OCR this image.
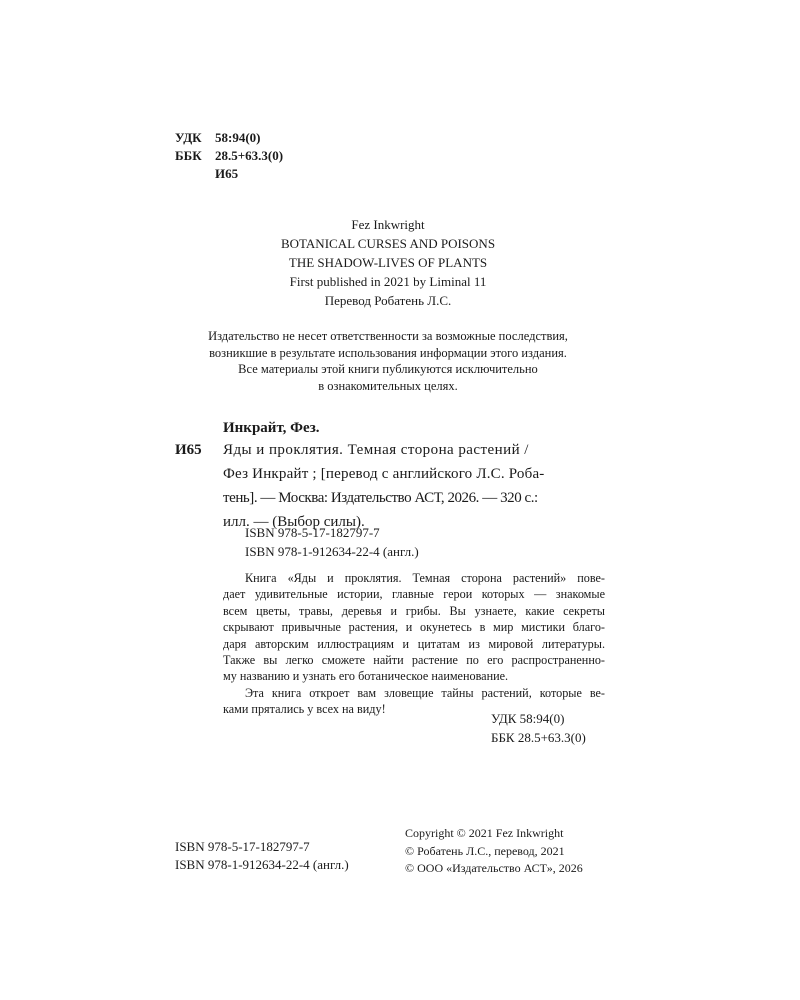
УДК	58:94(0)
ББК	28.5+63.3(0)
И65
Fez Inkwright
BOTANICAL CURSES AND POISONS
THE SHADOW-LIVES OF PLANTS
First published in 2021 by Liminal 11
Перевод Робатень Л.С.
Издательство не несет ответственности за возможные последствия,
возникшие в результате использования информации этого издания.
Все материалы этой книги публикуются исключительно
в ознакомительных целях.
Инкрайт, Фез.
И65 Яды и проклятия. Темная сторона растений /
Фез Инкрайт ; [перевод с английского Л.С. Роба-
тень]. — Москва: Издательство АСТ, 2026. — 320 с.:
илл. — (Выбор силы).
ISBN 978-5-17-182797-7
ISBN 978-1-912634-22-4 (англ.)
Книга «Яды и проклятия. Темная сторона растений» пове-
дает удивительные истории, главные герои которых — знакомые
всем цветы, травы, деревья и грибы. Вы узнаете, какие секреты
скрывают привычные растения, и окунетесь в мир мистики благо-
даря авторским иллюстрациям и цитатам из мировой литературы.
Также вы легко сможете найти растение по его распространенно-
му названию и узнать его ботаническое наименование.
Эта книга откроет вам зловещие тайны растений, которые ве-
ками прятались у всех на виду!
УДК 58:94(0)
ББК 28.5+63.3(0)
ISBN 978-5-17-182797-7
ISBN 978-1-912634-22-4 (англ.)
Copyright © 2021 Fez Inkwright
© Робатень Л.С., перевод, 2021
© ООО «Издательство АСТ», 2026
